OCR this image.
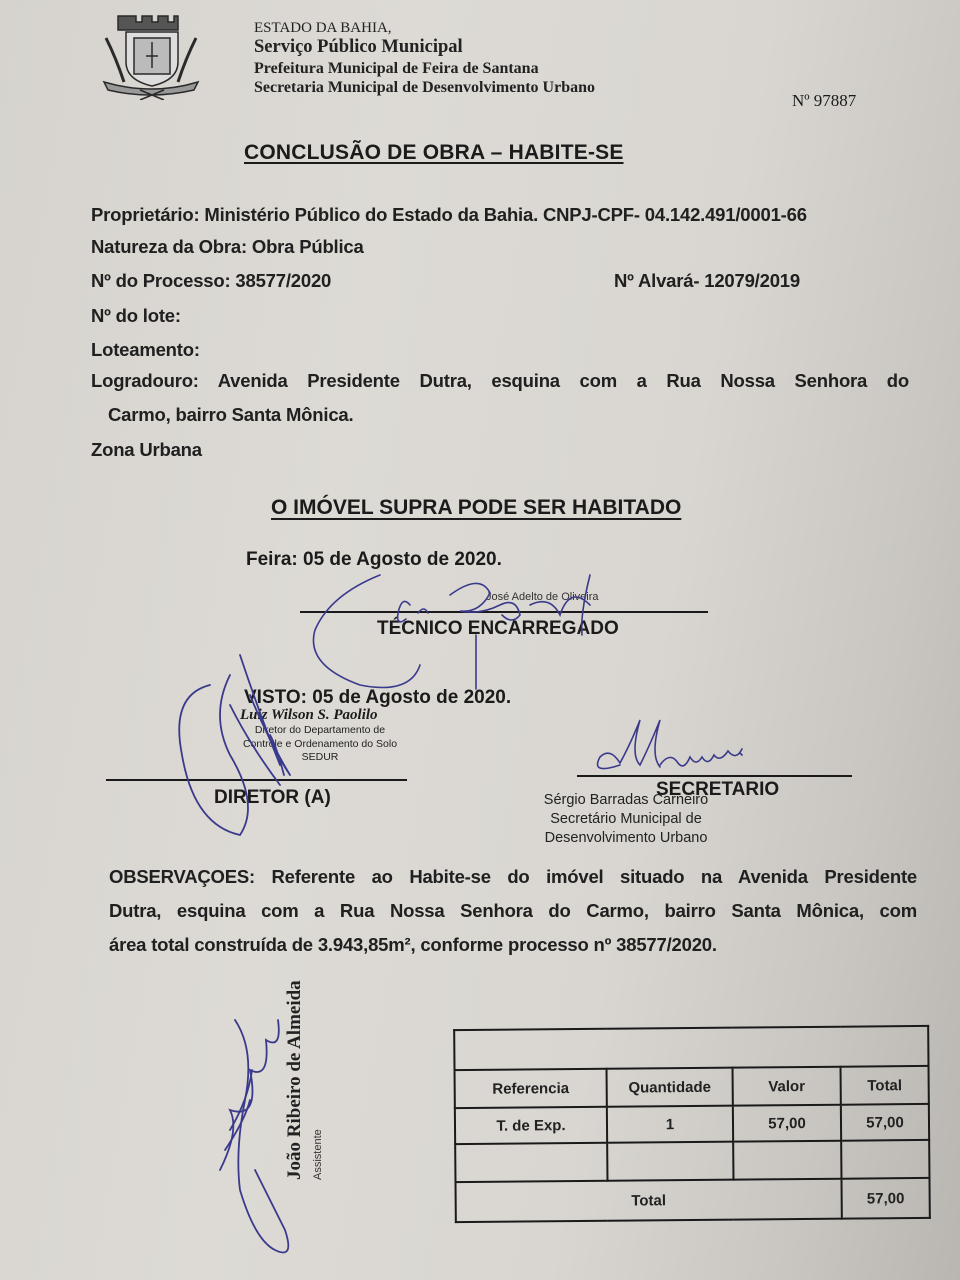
ESTADO DA BAHIA,
Serviço Público Municipal
Prefeitura Municipal de Feira de Santana
Secretaria Municipal de Desenvolvimento Urbano
Nº 97887
CONCLUSÃO DE OBRA – HABITE-SE
Proprietário: Ministério Público do Estado da Bahia. CNPJ-CPF- 04.142.491/0001-66
Natureza da Obra: Obra Pública
Nº do Processo: 38577/2020	Nº Alvará- 12079/2019
Nº do lote:
Loteamento:
Logradouro: Avenida Presidente Dutra, esquina com a Rua Nossa Senhora do
Carmo, bairro Santa Mônica.
Zona Urbana
O IMÓVEL SUPRA PODE SER HABITADO
Feira: 05 de Agosto de 2020.
José Adelto de Oliveira
TÉCNICO ENCARREGADO
VISTO: 05 de Agosto de 2020.
Luiz Wilson S. Paolilo
Diretor do Departamento de
Controle e Ordenamento do Solo
SEDUR
DIRETOR (A)	SECRETARIO
Sérgio Barradas Carneiro
Secretário Municipal de
Desenvolvimento Urbano
OBSERVAÇOES: Referente ao Habite-se do imóvel situado na Avenida Presidente
Dutra, esquina com a Rua Nossa Senhora do Carmo, bairro Santa Mônica, com
área total construída de 3.943,85m², conforme processo nº 38577/2020.
João Ribeiro de Almeida Assistente

Referencia	Quantidade	Valor	Total
T. de Exp.	1	57,00	57,00

Total			57,00
